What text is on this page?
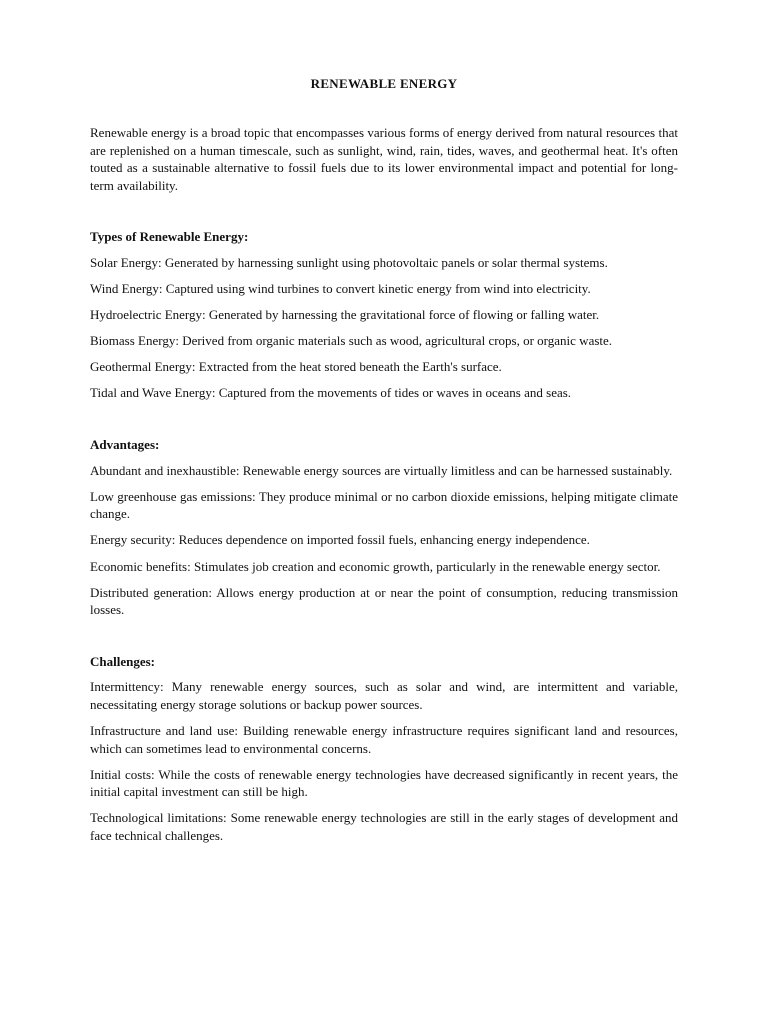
RENEWABLE ENERGY

Renewable energy is a broad topic that encompasses various forms of energy derived from natural resources that are replenished on a human timescale, such as sunlight, wind, rain, tides, waves, and geothermal heat. It's often touted as a sustainable alternative to fossil fuels due to its lower environmental impact and potential for long-term availability.

Types of Renewable Energy:

Solar Energy: Generated by harnessing sunlight using photovoltaic panels or solar thermal systems.

Wind Energy: Captured using wind turbines to convert kinetic energy from wind into electricity.

Hydroelectric Energy: Generated by harnessing the gravitational force of flowing or falling water.

Biomass Energy: Derived from organic materials such as wood, agricultural crops, or organic waste.

Geothermal Energy: Extracted from the heat stored beneath the Earth's surface.

Tidal and Wave Energy: Captured from the movements of tides or waves in oceans and seas.

Advantages:

Abundant and inexhaustible: Renewable energy sources are virtually limitless and can be harnessed sustainably.

Low greenhouse gas emissions: They produce minimal or no carbon dioxide emissions, helping mitigate climate change.

Energy security: Reduces dependence on imported fossil fuels, enhancing energy independence.

Economic benefits: Stimulates job creation and economic growth, particularly in the renewable energy sector.

Distributed generation: Allows energy production at or near the point of consumption, reducing transmission losses.

Challenges:

Intermittency: Many renewable energy sources, such as solar and wind, are intermittent and variable, necessitating energy storage solutions or backup power sources.

Infrastructure and land use: Building renewable energy infrastructure requires significant land and resources, which can sometimes lead to environmental concerns.

Initial costs: While the costs of renewable energy technologies have decreased significantly in recent years, the initial capital investment can still be high.

Technological limitations: Some renewable energy technologies are still in the early stages of development and face technical challenges.
